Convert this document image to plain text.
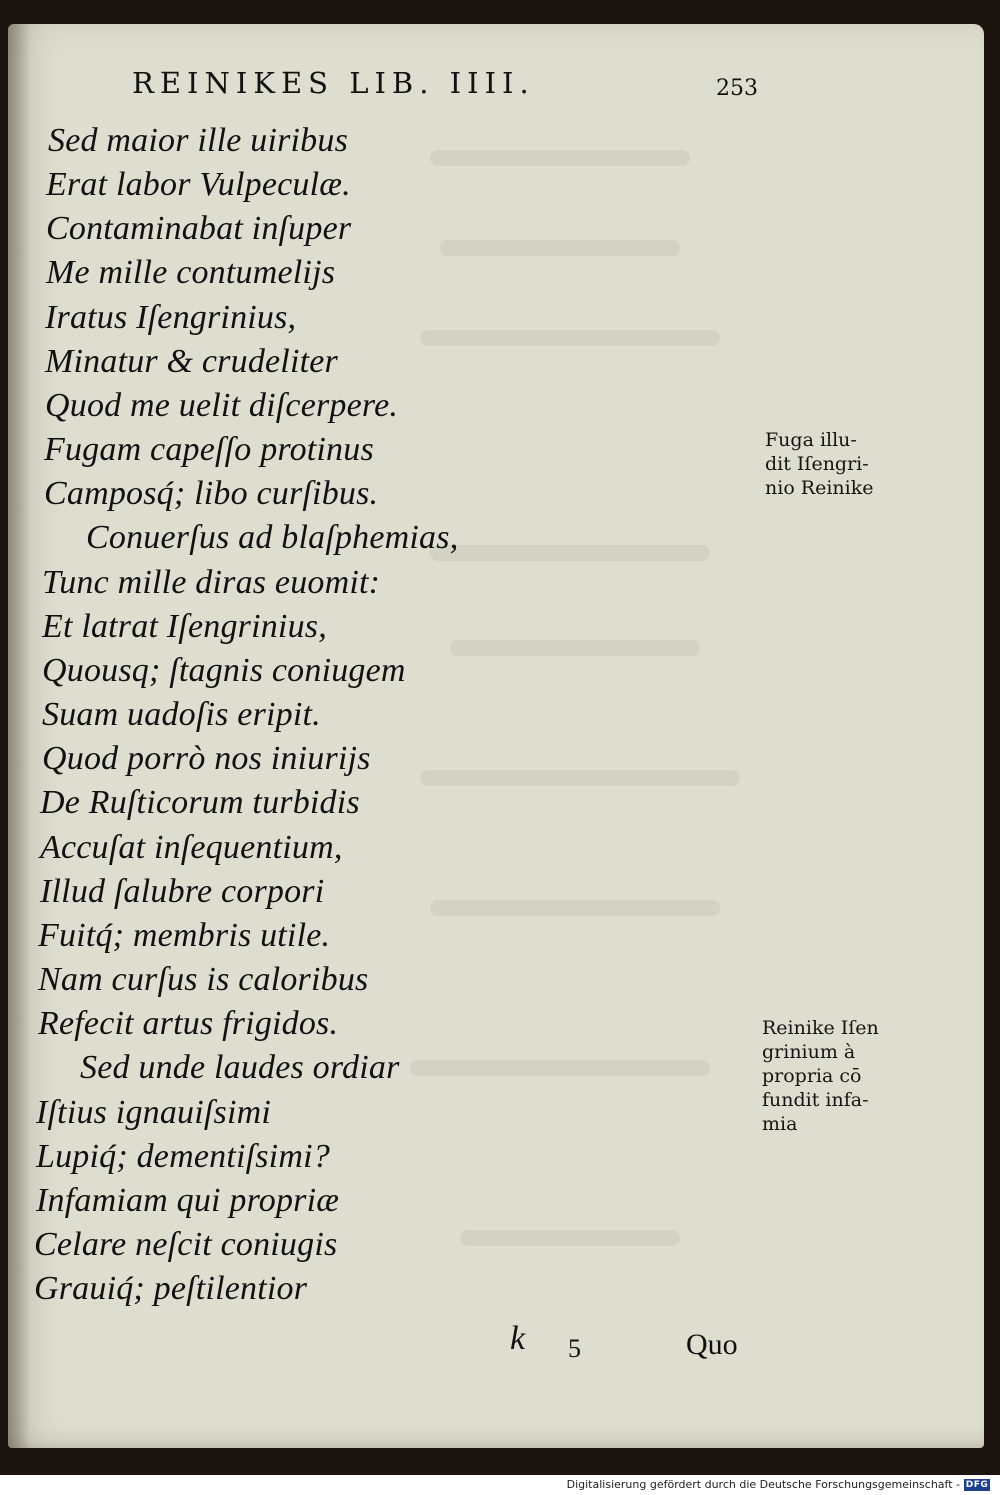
REINIKES LIB. IIII.	253
Sed maior ille uiribus
Erat labor Vulpeculæ.
Contaminabat inſuper
Me mille contumelijs
Iratus Iſengrinius,
Minatur & crudeliter
Quod me uelit diſcerpere.
Fugam capeſſo protinus
Camposq́; libo curſibus.
Conuerſus ad blaſphemias,
Tunc mille diras euomit:
Et latrat Iſengrinius,
Quousq; ſtagnis coniugem
Suam uadoſis eripit.
Quod porrò nos iniurijs
De Ruſticorum turbidis
Accuſat inſequentium,
Illud ſalubre corpori
Fuitq́; membris utile.
Nam curſus is caloribus
Refecit artus frigidos.
Sed unde laudes ordiar
Iſtius ignauiſsimi
Lupiq́; dementiſsimi?
Infamiam qui propriæ
Celare neſcit coniugis
Grauiq́; peſtilentior
Fuga illu-
dit Iſengri-
nio Reinike
Reinike Iſen
grinium à
propria cō
fundit infa-
mia
k 5	Quo
Digitalisierung gefördert durch die Deutsche Forschungsgemeinschaft - DFG
